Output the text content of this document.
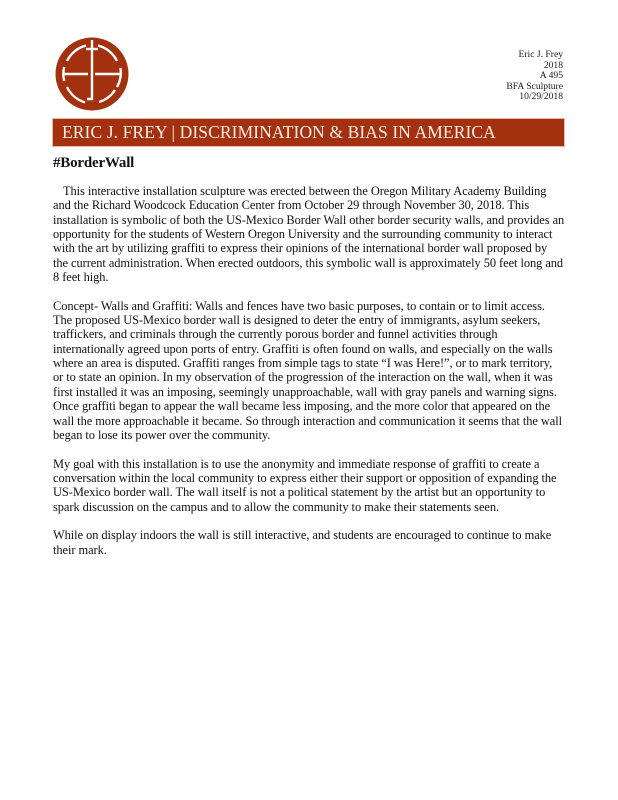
Eric J. Frey
2018
A 495
BFA Sculpture
10/29/2018
ERIC J. FREY | DISCRIMINATION & BIAS IN AMERICA
#BorderWall

This interactive installation sculpture was erected between the Oregon Military Academy Building and the Richard Woodcock Education Center from October 29 through November 30, 2018. This installation is symbolic of both the US-Mexico Border Wall other border security walls, and provides an opportunity for the students of Western Oregon University and the surrounding community to interact with the art by utilizing graffiti to express their opinions of the international border wall proposed by the current administration. When erected outdoors, this symbolic wall is approximately 50 feet long and 8 feet high.

Concept- Walls and Graffiti: Walls and fences have two basic purposes, to contain or to limit access. The proposed US-Mexico border wall is designed to deter the entry of immigrants, asylum seekers, traffickers, and criminals through the currently porous border and funnel activities through internationally agreed upon ports of entry. Graffiti is often found on walls, and especially on the walls where an area is disputed. Graffiti ranges from simple tags to state “I was Here!”, or to mark territory, or to state an opinion. In my observation of the progression of the interaction on the wall, when it was first installed it was an imposing, seemingly unapproachable, wall with gray panels and warning signs. Once graffiti began to appear the wall became less imposing, and the more color that appeared on the wall the more approachable it became. So through interaction and communication it seems that the wall began to lose its power over the community.

My goal with this installation is to use the anonymity and immediate response of graffiti to create a conversation within the local community to express either their support or opposition of expanding the US-Mexico border wall. The wall itself is not a political statement by the artist but an opportunity to spark discussion on the campus and to allow the community to make their statements seen.

While on display indoors the wall is still interactive, and students are encouraged to continue to make their mark.
